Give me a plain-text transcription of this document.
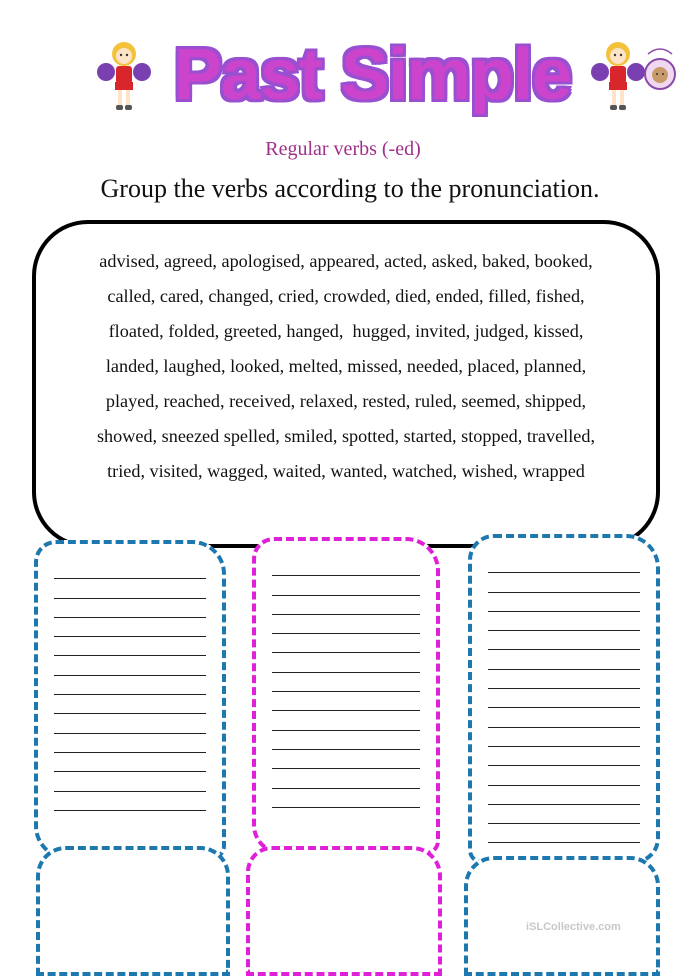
Past Simple
Regular verbs (-ed)
Group the verbs according to the pronunciation.
advised, agreed, apologised, appeared, acted, asked, baked, booked,
called, cared, changed, cried, crowded, died, ended, filled, fished,
floated, folded, greeted, hanged,  hugged, invited, judged, kissed,
landed, laughed, looked, melted, missed, needed, placed, planned,
played, reached, received, relaxed, rested, ruled, seemed, shipped,
showed, sneezed spelled, smiled, spotted, started, stopped, travelled,
tried, visited, wagged, waited, wanted, watched, wished, wrapped
iSLCollective.com
